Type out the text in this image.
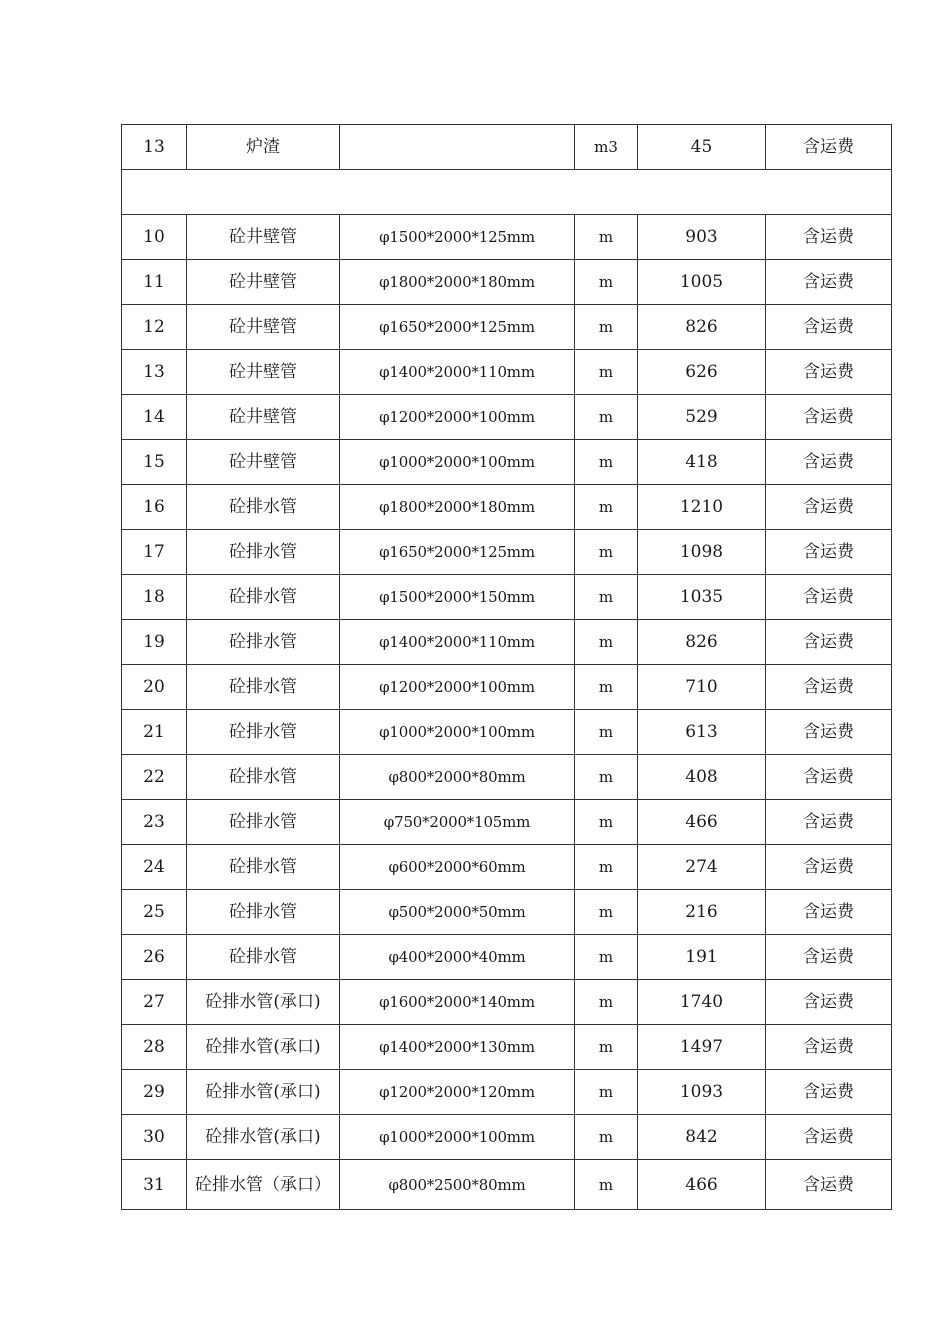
13	炉渣		m3	45	含运费

10	砼井壁管	φ1500*2000*125mm	m	903	含运费
11	砼井壁管	φ1800*2000*180mm	m	1005	含运费
12	砼井壁管	φ1650*2000*125mm	m	826	含运费
13	砼井壁管	φ1400*2000*110mm	m	626	含运费
14	砼井壁管	φ1200*2000*100mm	m	529	含运费
15	砼井壁管	φ1000*2000*100mm	m	418	含运费
16	砼排水管	φ1800*2000*180mm	m	1210	含运费
17	砼排水管	φ1650*2000*125mm	m	1098	含运费
18	砼排水管	φ1500*2000*150mm	m	1035	含运费
19	砼排水管	φ1400*2000*110mm	m	826	含运费
20	砼排水管	φ1200*2000*100mm	m	710	含运费
21	砼排水管	φ1000*2000*100mm	m	613	含运费
22	砼排水管	φ800*2000*80mm	m	408	含运费
23	砼排水管	φ750*2000*105mm	m	466	含运费
24	砼排水管	φ600*2000*60mm	m	274	含运费
25	砼排水管	φ500*2000*50mm	m	216	含运费
26	砼排水管	φ400*2000*40mm	m	191	含运费
27	砼排水管(承口)	φ1600*2000*140mm	m	1740	含运费
28	砼排水管(承口)	φ1400*2000*130mm	m	1497	含运费
29	砼排水管(承口)	φ1200*2000*120mm	m	1093	含运费
30	砼排水管(承口)	φ1000*2000*100mm	m	842	含运费
31	砼排水管（承口）	φ800*2500*80mm	m	466	含运费
